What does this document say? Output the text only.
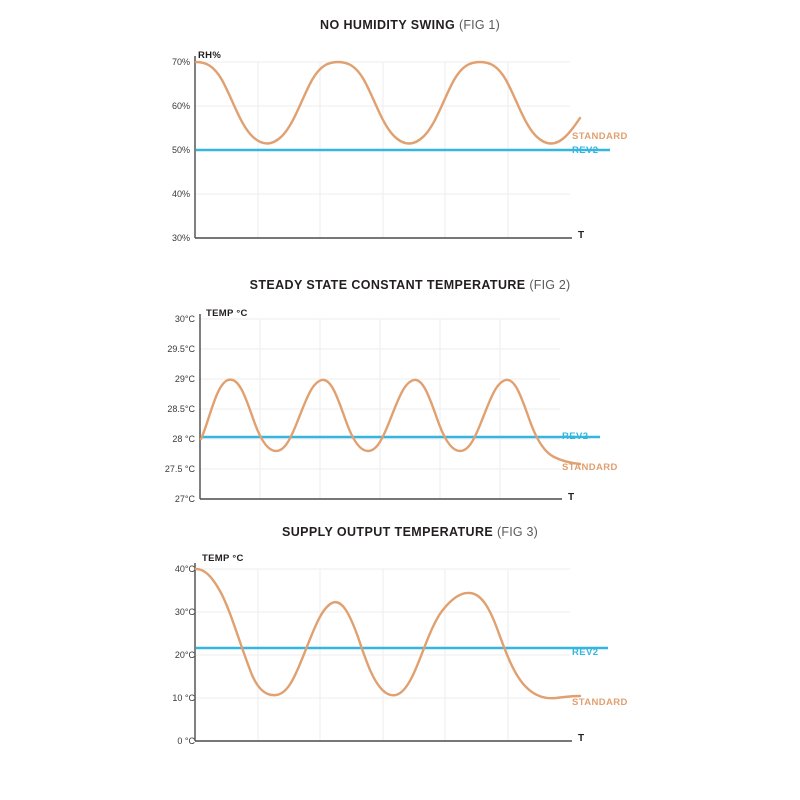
NO HUMIDITY SWING (FIG 1)
RH%
70%
60%
50%
40%
30%	T
STANDARD
REV2
STEADY STATE CONSTANT TEMPERATURE (FIG 2)
TEMP °C
30°C
29.5°C
29°C
28.5°C
28 °C
27.5 °C
27°C	T
REV2
STANDARD
SUPPLY OUTPUT TEMPERATURE (FIG 3)
TEMP °C
40°C
30°C
20°C
10 °C
0 °C	T
REV2
STANDARD
